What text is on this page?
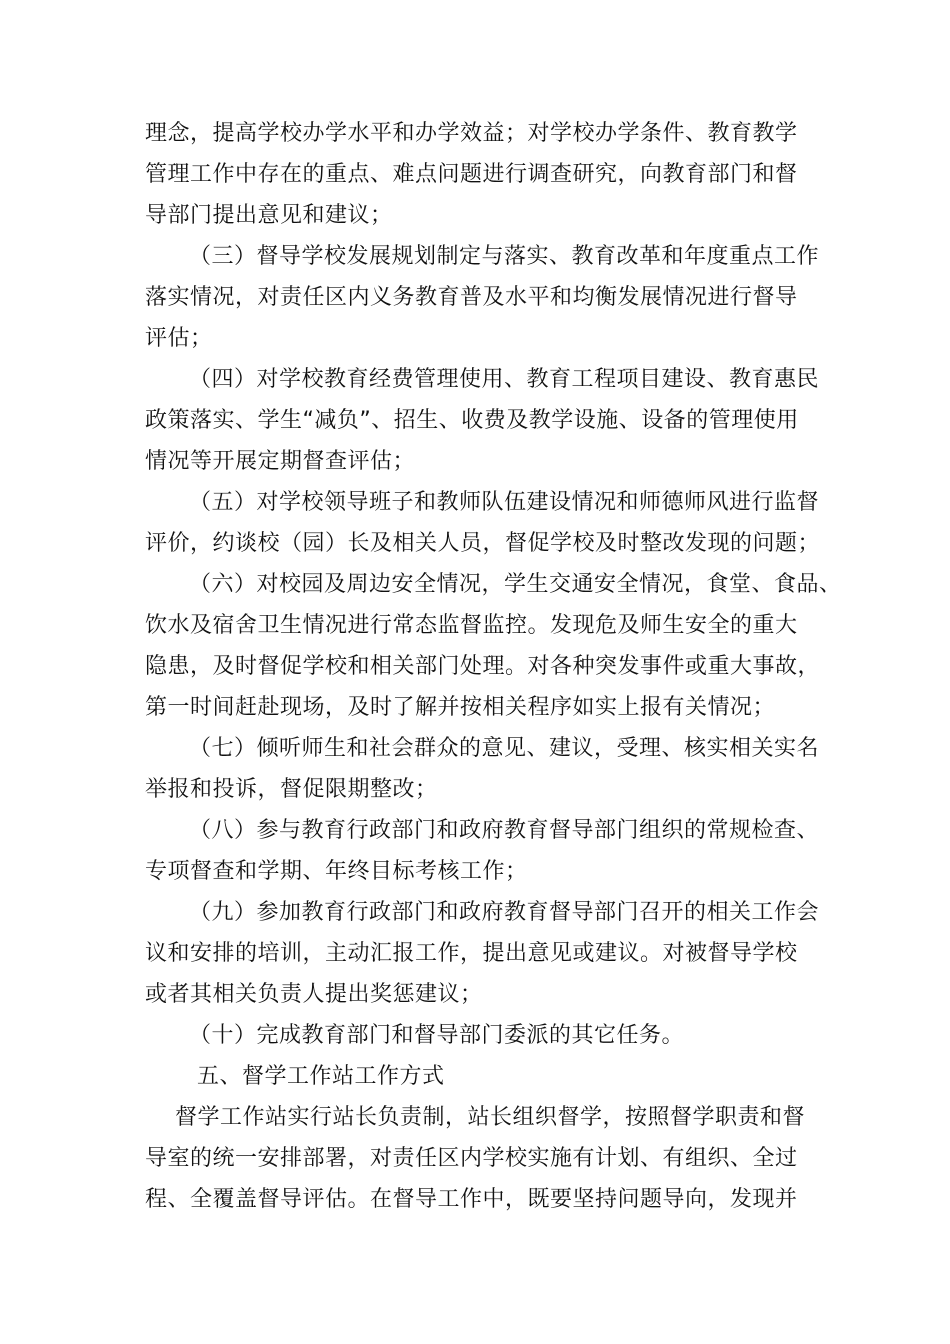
理念，提高学校办学水平和办学效益；对学校办学条件、教育教学
管理工作中存在的重点、难点问题进行调查研究，向教育部门和督
导部门提出意见和建议；
（三）督导学校发展规划制定与落实、教育改革和年度重点工作
落实情况，对责任区内义务教育普及水平和均衡发展情况进行督导
评估；
（四）对学校教育经费管理使用、教育工程项目建设、教育惠民
政策落实、学生“减负”、招生、收费及教学设施、设备的管理使用
情况等开展定期督查评估；
（五）对学校领导班子和教师队伍建设情况和师德师风进行监督
评价，约谈校（园）长及相关人员，督促学校及时整改发现的问题；
（六）对校园及周边安全情况，学生交通安全情况，食堂、食品、
饮水及宿舍卫生情况进行常态监督监控。发现危及师生安全的重大
隐患，及时督促学校和相关部门处理。对各种突发事件或重大事故，
第一时间赶赴现场，及时了解并按相关程序如实上报有关情况；
（七）倾听师生和社会群众的意见、建议，受理、核实相关实名
举报和投诉，督促限期整改；
（八）参与教育行政部门和政府教育督导部门组织的常规检查、
专项督查和学期、年终目标考核工作；
（九）参加教育行政部门和政府教育督导部门召开的相关工作会
议和安排的培训，主动汇报工作，提出意见或建议。对被督导学校
或者其相关负责人提出奖惩建议；
（十）完成教育部门和督导部门委派的其它任务。
五、督学工作站工作方式
督学工作站实行站长负责制，站长组织督学，按照督学职责和督
导室的统一安排部署，对责任区内学校实施有计划、有组织、全过
程、全覆盖督导评估。在督导工作中，既要坚持问题导向，发现并
